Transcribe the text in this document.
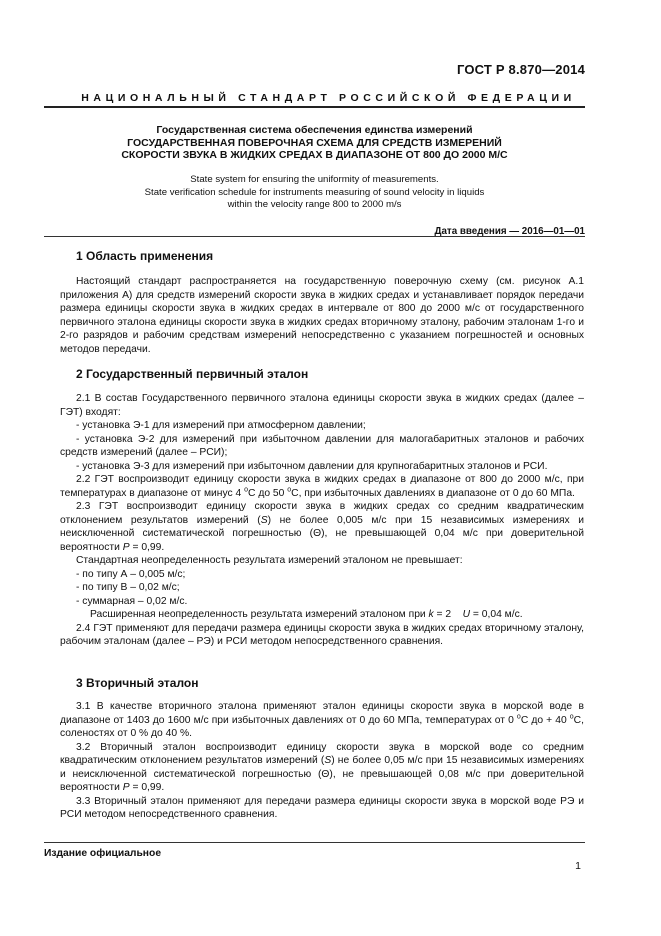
ГОСТ Р 8.870—2014
НАЦИОНАЛЬНЫЙ СТАНДАРТ РОССИЙСКОЙ ФЕДЕРАЦИИ
Государственная система обеспечения единства измерений
ГОСУДАРСТВЕННАЯ ПОВЕРОЧНАЯ СХЕМА ДЛЯ СРЕДСТВ ИЗМЕРЕНИЙ
СКОРОСТИ ЗВУКА В ЖИДКИХ СРЕДАХ В ДИАПАЗОНЕ ОТ 800 ДО 2000 М/С
State system for ensuring the uniformity of measurements.
State verification schedule for instruments measuring of sound velocity in liquids
within the velocity range 800 to 2000 m/s
Дата введения — 2016—01—01
1 Область применения

Настоящий стандарт распространяется на государственную поверочную схему (см. рисунок А.1 приложения А) для средств измерений скорости звука в жидких средах и устанавливает порядок передачи размера единицы скорости звука в жидких средах в интервале от 800 до 2000 м/с от государственного первичного эталона единицы скорости звука в жидких средах вторичному эталону, рабочим эталонам 1-го и 2-го разрядов и рабочим средствам измерений непосредственно с указанием погрешностей и основных методов передачи.

2 Государственный первичный эталон

2.1 В состав Государственного первичного эталона единицы скорости звука в жидких средах (далее – ГЭТ) входят:

- установка Э-1 для измерений при атмосферном давлении;

- установка Э-2 для измерений при избыточном давлении для малогабаритных эталонов и рабочих средств измерений (далее – РСИ);

- установка Э-3 для измерений при избыточном давлении для крупногабаритных эталонов и РСИ.

2.2 ГЭТ воспроизводит единицу скорости звука в жидких средах в диапазоне от 800 до 2000 м/с, при температурах в диапазоне от минус 4 $^о$С до 50 $^о$С, при избыточных давлениях в диапазоне от 0 до 60 МПа.

2.3 ГЭТ воспроизводит единицу скорости звука в жидких средах со средним квадратическим отклонением результатов измерений (S) не более 0,005 м/с при 15 независимых измерениях и неисключенной систематической погрешностью (Θ), не превышающей 0,04 м/с при доверительной вероятности P = 0,99.

Стандартная неопределенность результата измерений эталоном не превышает:

- по типу А – 0,005 м/с;

- по типу В – 0,02 м/с;

- суммарная – 0,02 м/с.

Расширенная неопределенность результата измерений эталоном при k = 2    U = 0,04 м/с.

2.4 ГЭТ применяют для передачи размера единицы скорости звука в жидких средах вторичному эталону, рабочим эталонам (далее – РЭ) и РСИ методом непосредственного сравнения.

3 Вторичный эталон

3.1 В качестве вторичного эталона применяют эталон единицы скорости звука в морской воде в диапазоне от 1403 до 1600 м/с при избыточных давлениях от 0 до 60 МПа, температурах от 0 $^о$С до + 40 $^о$С, соленостях от 0 % до 40 %.

3.2 Вторичный эталон воспроизводит единицу скорости звука в морской воде со средним квадратическим отклонением результатов измерений (S) не более 0,05 м/с при 15 независимых измерениях и неисключенной систематической погрешностью (Θ), не превышающей 0,08 м/с при доверительной вероятности P = 0,99.

3.3 Вторичный эталон применяют для передачи размера единицы скорости звука в морской воде РЭ и РСИ методом непосредственного сравнения.

Издание официальное
1
